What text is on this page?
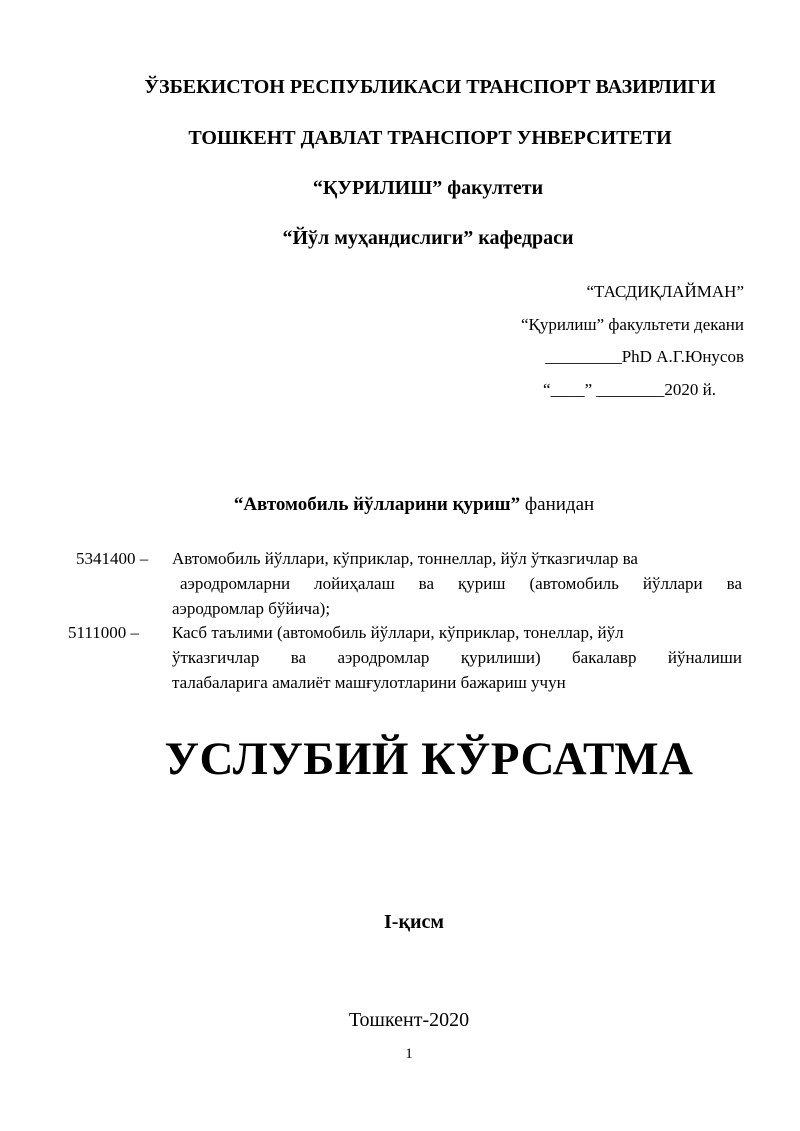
ЎЗБЕКИСТОН РЕСПУБЛИКАСИ ТРАНСПОРТ ВАЗИРЛИГИ
ТОШКЕНТ ДАВЛАТ ТРАНСПОРТ УНВЕРСИТЕТИ
“ҚУРИЛИШ” факултети
“Йўл муҳандислиги” кафедраси
“ТАСДИҚЛАЙМАН”
“Қурилиш” факультети декани
_________PhD А.Г.Юнусов
“____” ________2020 й.
“Автомобиль йўлларини қуриш” фанидан
5341400 – Автомобиль йўллари, кўприклар, тоннеллар, йўл ўтказгичлар ва
аэродромларни лойиҳалаш ва қуриш (автомобиль йўллари ва
аэродромлар бўйича);
5111000 – Касб таълими (автомобиль йўллари, кўприклар, тонеллар, йўл
ўтказгичлар ва аэродромлар қурилиши) бакалавр йўналиши
талабаларига амалиёт машғулотларини бажариш учун
УСЛУБИЙ КЎРСАТМА
I-қисм
Тошкент-2020
1
